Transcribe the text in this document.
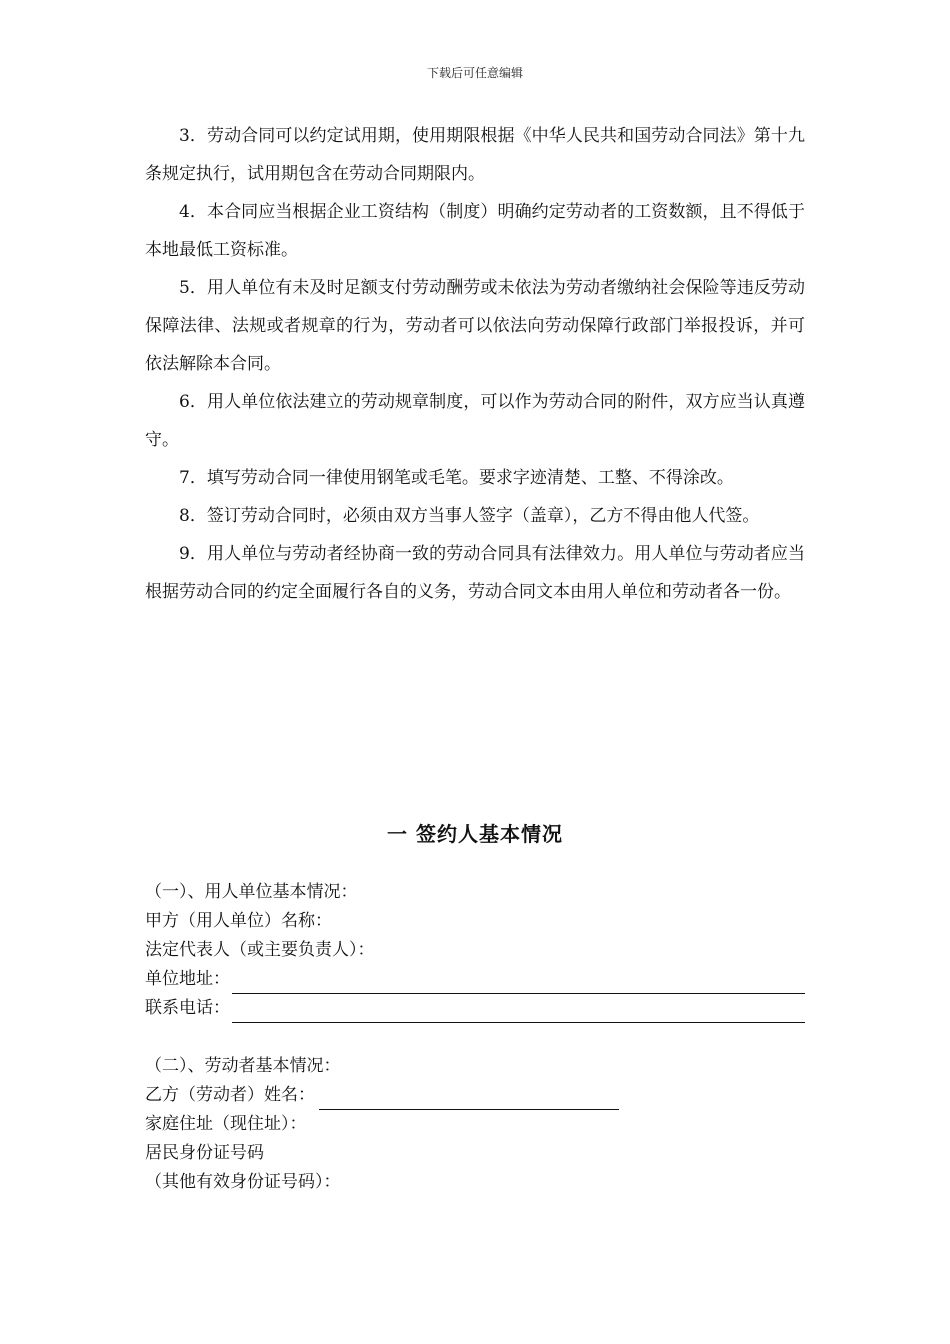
下载后可任意编辑

3．劳动合同可以约定试用期，使用期限根据《中华人民共和国劳动合同法》第十九条规定执行，试用期包含在劳动合同期限内。

4．本合同应当根据企业工资结构（制度）明确约定劳动者的工资数额，且不得低于本地最低工资标准。

5．用人单位有未及时足额支付劳动酬劳或未依法为劳动者缴纳社会保险等违反劳动保障法律、法规或者规章的行为，劳动者可以依法向劳动保障行政部门举报投诉，并可依法解除本合同。

6．用人单位依法建立的劳动规章制度，可以作为劳动合同的附件，双方应当认真遵守。

7．填写劳动合同一律使用钢笔或毛笔。要求字迹清楚、工整、不得涂改。

8．签订劳动合同时，必须由双方当事人签字（盖章），乙方不得由他人代签。

9．用人单位与劳动者经协商一致的劳动合同具有法律效力。用人单位与劳动者应当根据劳动合同的约定全面履行各自的义务，劳动合同文本由用人单位和劳动者各一份。

一 签约人基本情况
（一）、用人单位基本情况：
甲方（用人单位）名称：
法定代表人（或主要负责人）：
单位地址：
联系电话：
（二）、劳动者基本情况：
乙方（劳动者）姓名：
家庭住址（现住址）：
居民身份证号码
（其他有效身份证号码）：
